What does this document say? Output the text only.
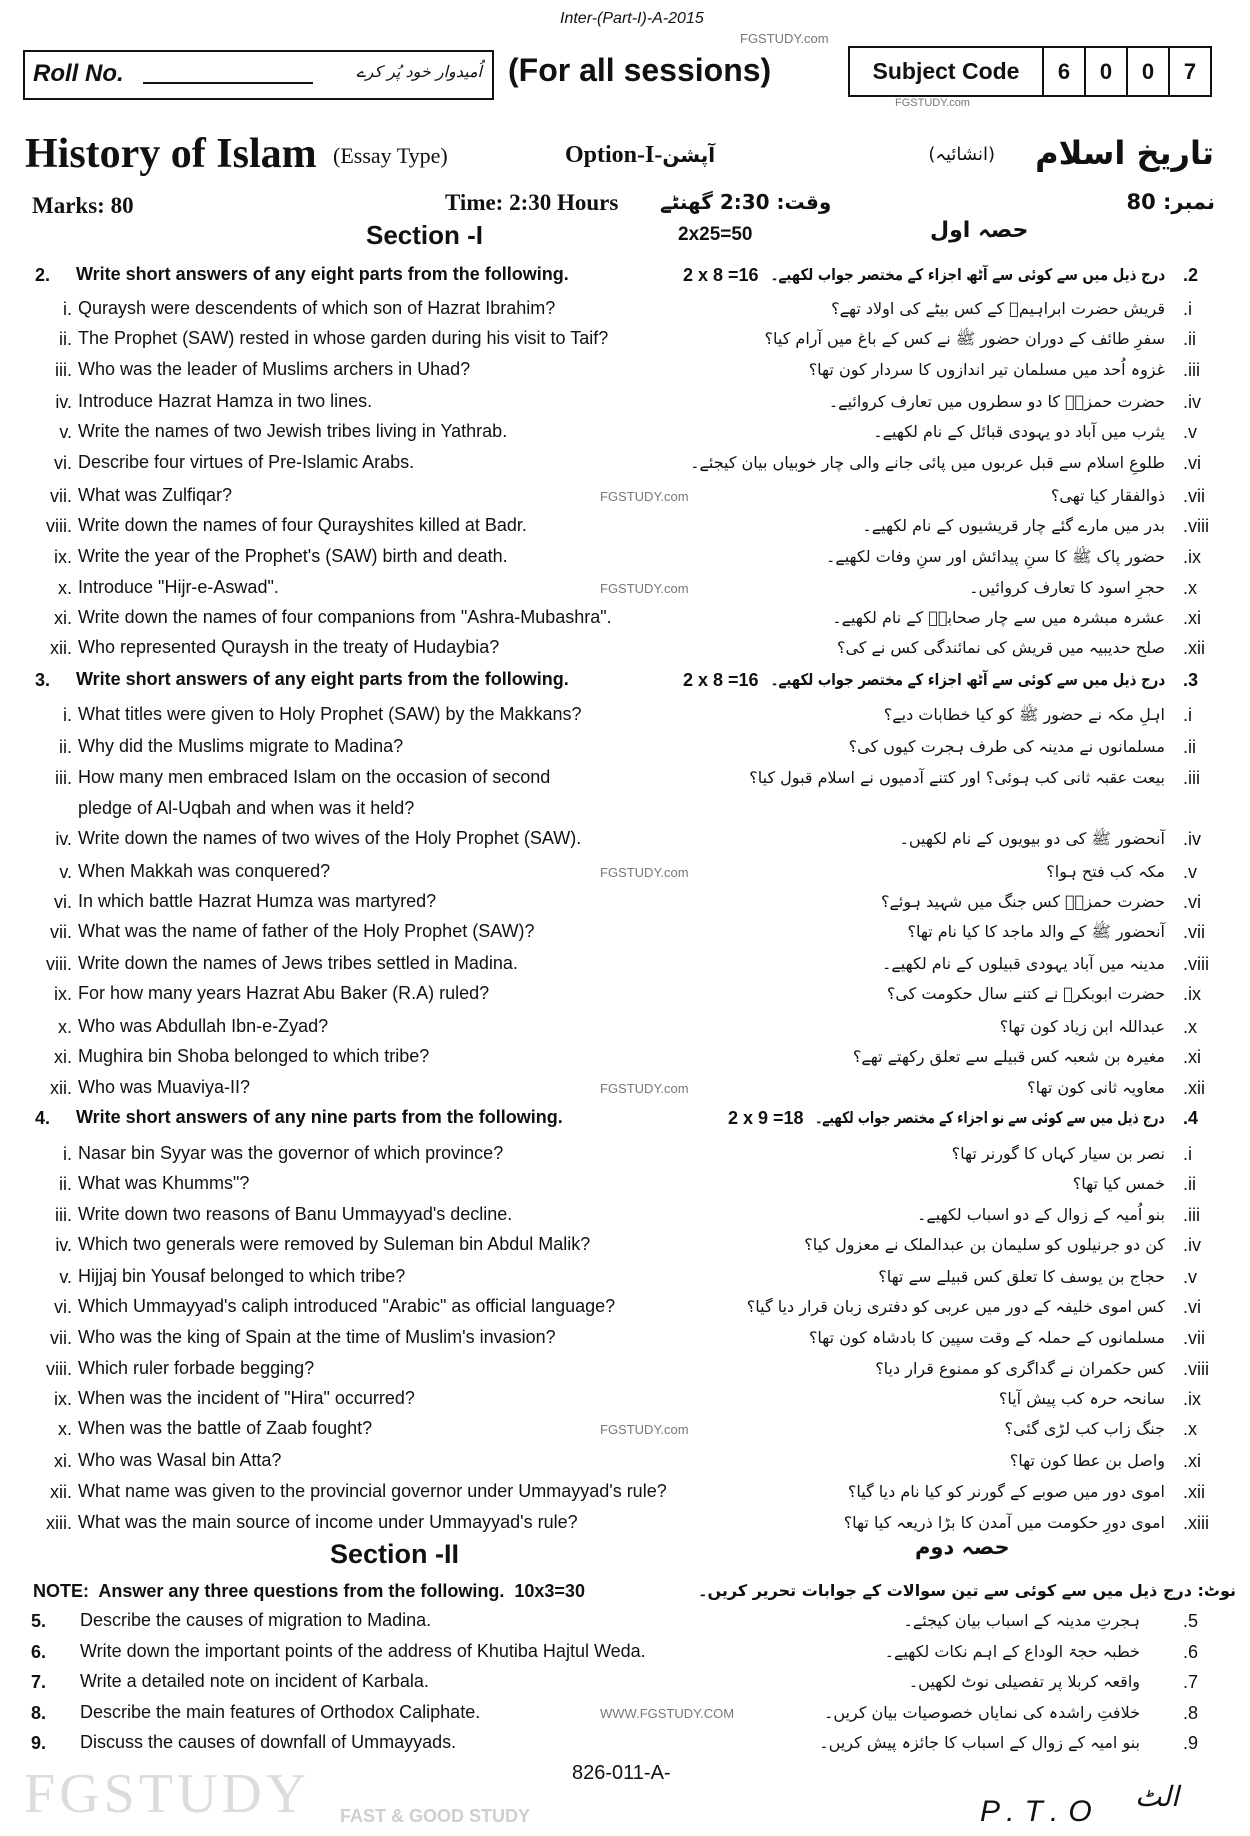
FGSTUDY FAST & GOOD STUDY
Inter-(Part-I)-A-2015
Roll No.	اُمیدوار خود پُر کرے (For all sessions)
FGSTUDY.com
Subject Code	6	0	0	7
FGSTUDY.com
History of Islam (Essay Type)	Option-I-آپشن	تاریخ اسلام
(انشائیہ)
Marks: 80	Time: 2:30 Hours وقت: 2:30 گھنٹے	نمبر: 80
Section -I	2x25=50	حصہ اول
2 . Write short answers of any eight parts from the following.	2 x 8 =16	. 2
درج ذیل میں سے کوئی سے آٹھ اجزاء کے مختصر جواب لکھیے۔
i . Quraysh were descendents of which son of Hazrat Ibrahim?	. i
قریش حضرت ابراہیمؑ کے کس بیٹے کی اولاد تھے؟
ii . The Prophet (SAW) rested in whose garden during his visit to Taif?	. ii
سفرِ طائف کے دوران حضور ﷺ نے کس کے باغ میں آرام کیا؟
iii . Who was the leader of Muslims archers in Uhad?	. iii
غزوہ اُحد میں مسلمان تیر اندازوں کا سردار کون تھا؟
iv . Introduce Hazrat Hamza in two lines.	. iv
حضرت حمزہؓ کا دو سطروں میں تعارف کروائیے۔
v . Write the names of two Jewish tribes living in Yathrab.	. v
یثرب میں آباد دو یہودی قبائل کے نام لکھیے۔
vi . Describe four virtues of Pre-Islamic Arabs.	. vi
طلوعِ اسلام سے قبل عربوں میں پائی جانے والی چار خوبیاں بیان کیجئے۔
vii . What was Zulfiqar?	. vii
ذوالفقار کیا تھی؟
viii . Write down the names of four Qurayshites killed at Badr.	. viii
بدر میں مارے گئے چار قریشیوں کے نام لکھیے۔
ix . Write the year of the Prophet's (SAW) birth and death.	. ix
حضور پاک ﷺ کا سنِ پیدائش اور سنِ وفات لکھیے۔
x . Introduce "Hijr-e-Aswad".	. x
حجرِ اسود کا تعارف کروائیں۔
xi . Write down the names of four companions from "Ashra-Mubashra".	. xi
عشرہ مبشرہ میں سے چار صحابہؓ کے نام لکھیے۔
xii . Who represented Quraysh in the treaty of Hudaybia?	. xii
صلح حدیبیہ میں قریش کی نمائندگی کس نے کی؟
3 . Write short answers of any eight parts from the following.	2 x 8 =16	. 3
درج ذیل میں سے کوئی سے آٹھ اجزاء کے مختصر جواب لکھیے۔
i . What titles were given to Holy Prophet (SAW) by the Makkans?	. i
اہلِ مکہ نے حضور ﷺ کو کیا خطابات دیے؟
ii . Why did the Muslims migrate to Madina?	. ii
مسلمانوں نے مدینہ کی طرف ہجرت کیوں کی؟
iii . How many men embraced Islam on the occasion of second
pledge of Al-Uqbah and when was it held?
. iii
بیعت عقبہ ثانی کب ہوئی؟ اور کتنے آدمیوں نے اسلام قبول کیا؟
iv . Write down the names of two wives of the Holy Prophet (SAW).	. iv
آنحضور ﷺ کی دو بیویوں کے نام لکھیں۔
v . When Makkah was conquered?	. v
مکہ کب فتح ہوا؟
vi . In which battle Hazrat Humza was martyred?	. vi
حضرت حمزہؓ کس جنگ میں شہید ہوئے؟
vii . What was the name of father of the Holy Prophet (SAW)?	. vii
آنحضور ﷺ کے والد ماجد کا کیا نام تھا؟
viii . Write down the names of Jews tribes settled in Madina.	. viii
مدینہ میں آباد یہودی قبیلوں کے نام لکھیے۔
ix . For how many years Hazrat Abu Baker (R.A) ruled?	. ix
حضرت ابوبکرؓ نے کتنے سال حکومت کی؟
x . Who was Abdullah Ibn-e-Zyad?	. x
عبداللہ ابن زیاد کون تھا؟
xi . Mughira bin Shoba belonged to which tribe?	. xi
مغیرہ بن شعبہ کس قبیلے سے تعلق رکھتے تھے؟
xii . Who was Muaviya-II?	. xii
معاویہ ثانی کون تھا؟
4 . Write short answers of any nine parts from the following.	2 x 9 =18	. 4
درج ذیل میں سے کوئی سے نو اجزاء کے مختصر جواب لکھیے۔
i . Nasar bin Syyar was the governor of which province?	. i
نصر بن سیار کہاں کا گورنر تھا؟
ii . What was Khumms"?	. ii
خمس کیا تھا؟
iii . Write down two reasons of Banu Ummayyad's decline.	. iii
بنو اُمیہ کے زوال کے دو اسباب لکھیے۔
iv . Which two generals were removed by Suleman bin Abdul Malik?	. iv
کن دو جرنیلوں کو سلیمان بن عبدالملک نے معزول کیا؟
v . Hijjaj bin Yousaf belonged to which tribe?	. v
حجاج بن یوسف کا تعلق کس قبیلے سے تھا؟
vi . Which Ummayyad's caliph introduced "Arabic" as official language?	. vi
کس اموی خلیفہ کے دور میں عربی کو دفتری زبان قرار دیا گیا؟
vii . Who was the king of Spain at the time of Muslim's invasion?	. vii
مسلمانوں کے حملہ کے وقت سپین کا بادشاہ کون تھا؟
viii . Which ruler forbade begging?	. viii
کس حکمران نے گداگری کو ممنوع قرار دیا؟
ix . When was the incident of "Hira" occurred?	. ix
سانحہ حرہ کب پیش آیا؟
x . When was the battle of Zaab fought?	. x
جنگ زاب کب لڑی گئی؟
xi . Who was Wasal bin Atta?	. xi
واصل بن عطا کون تھا؟
xii . What name was given to the provincial governor under Ummayyad's rule?	. xii
اموی دور میں صوبے کے گورنر کو کیا نام دیا گیا؟
xiii . What was the main source of income under Ummayyad's rule?	. xiii
اموی دورِ حکومت میں آمدن کا بڑا ذریعہ کیا تھا؟
Section -II	حصہ دوم
NOTE:  Answer any three questions from the following.  10x3=30	نوٹ: درج ذیل میں سے کوئی سے تین سوالات کے جوابات تحریر کریں۔
5 . Describe the causes of migration to Madina.	. 5
ہجرتِ مدینہ کے اسباب بیان کیجئے۔
6 . Write down the important points of the address of Khutiba Hajtul Weda.	. 6
خطبہ حجۃ الوداع کے اہم نکات لکھیے۔
7 . Write a detailed note on incident of Karbala.	. 7
واقعہ کربلا پر تفصیلی نوٹ لکھیں۔
8 . Describe the main features of Orthodox Caliphate.	. 8
خلافتِ راشدہ کی نمایاں خصوصیات بیان کریں۔
9 . Discuss the causes of downfall of Ummayyads.	. 9
بنو امیہ کے زوال کے اسباب کا جائزہ پیش کریں۔
826-011-A-
P.T.O الٹ
FGSTUDY.com
FGSTUDY.com
FGSTUDY.com
FGSTUDY.com
FGSTUDY.com
WWW.FGSTUDY.COM
